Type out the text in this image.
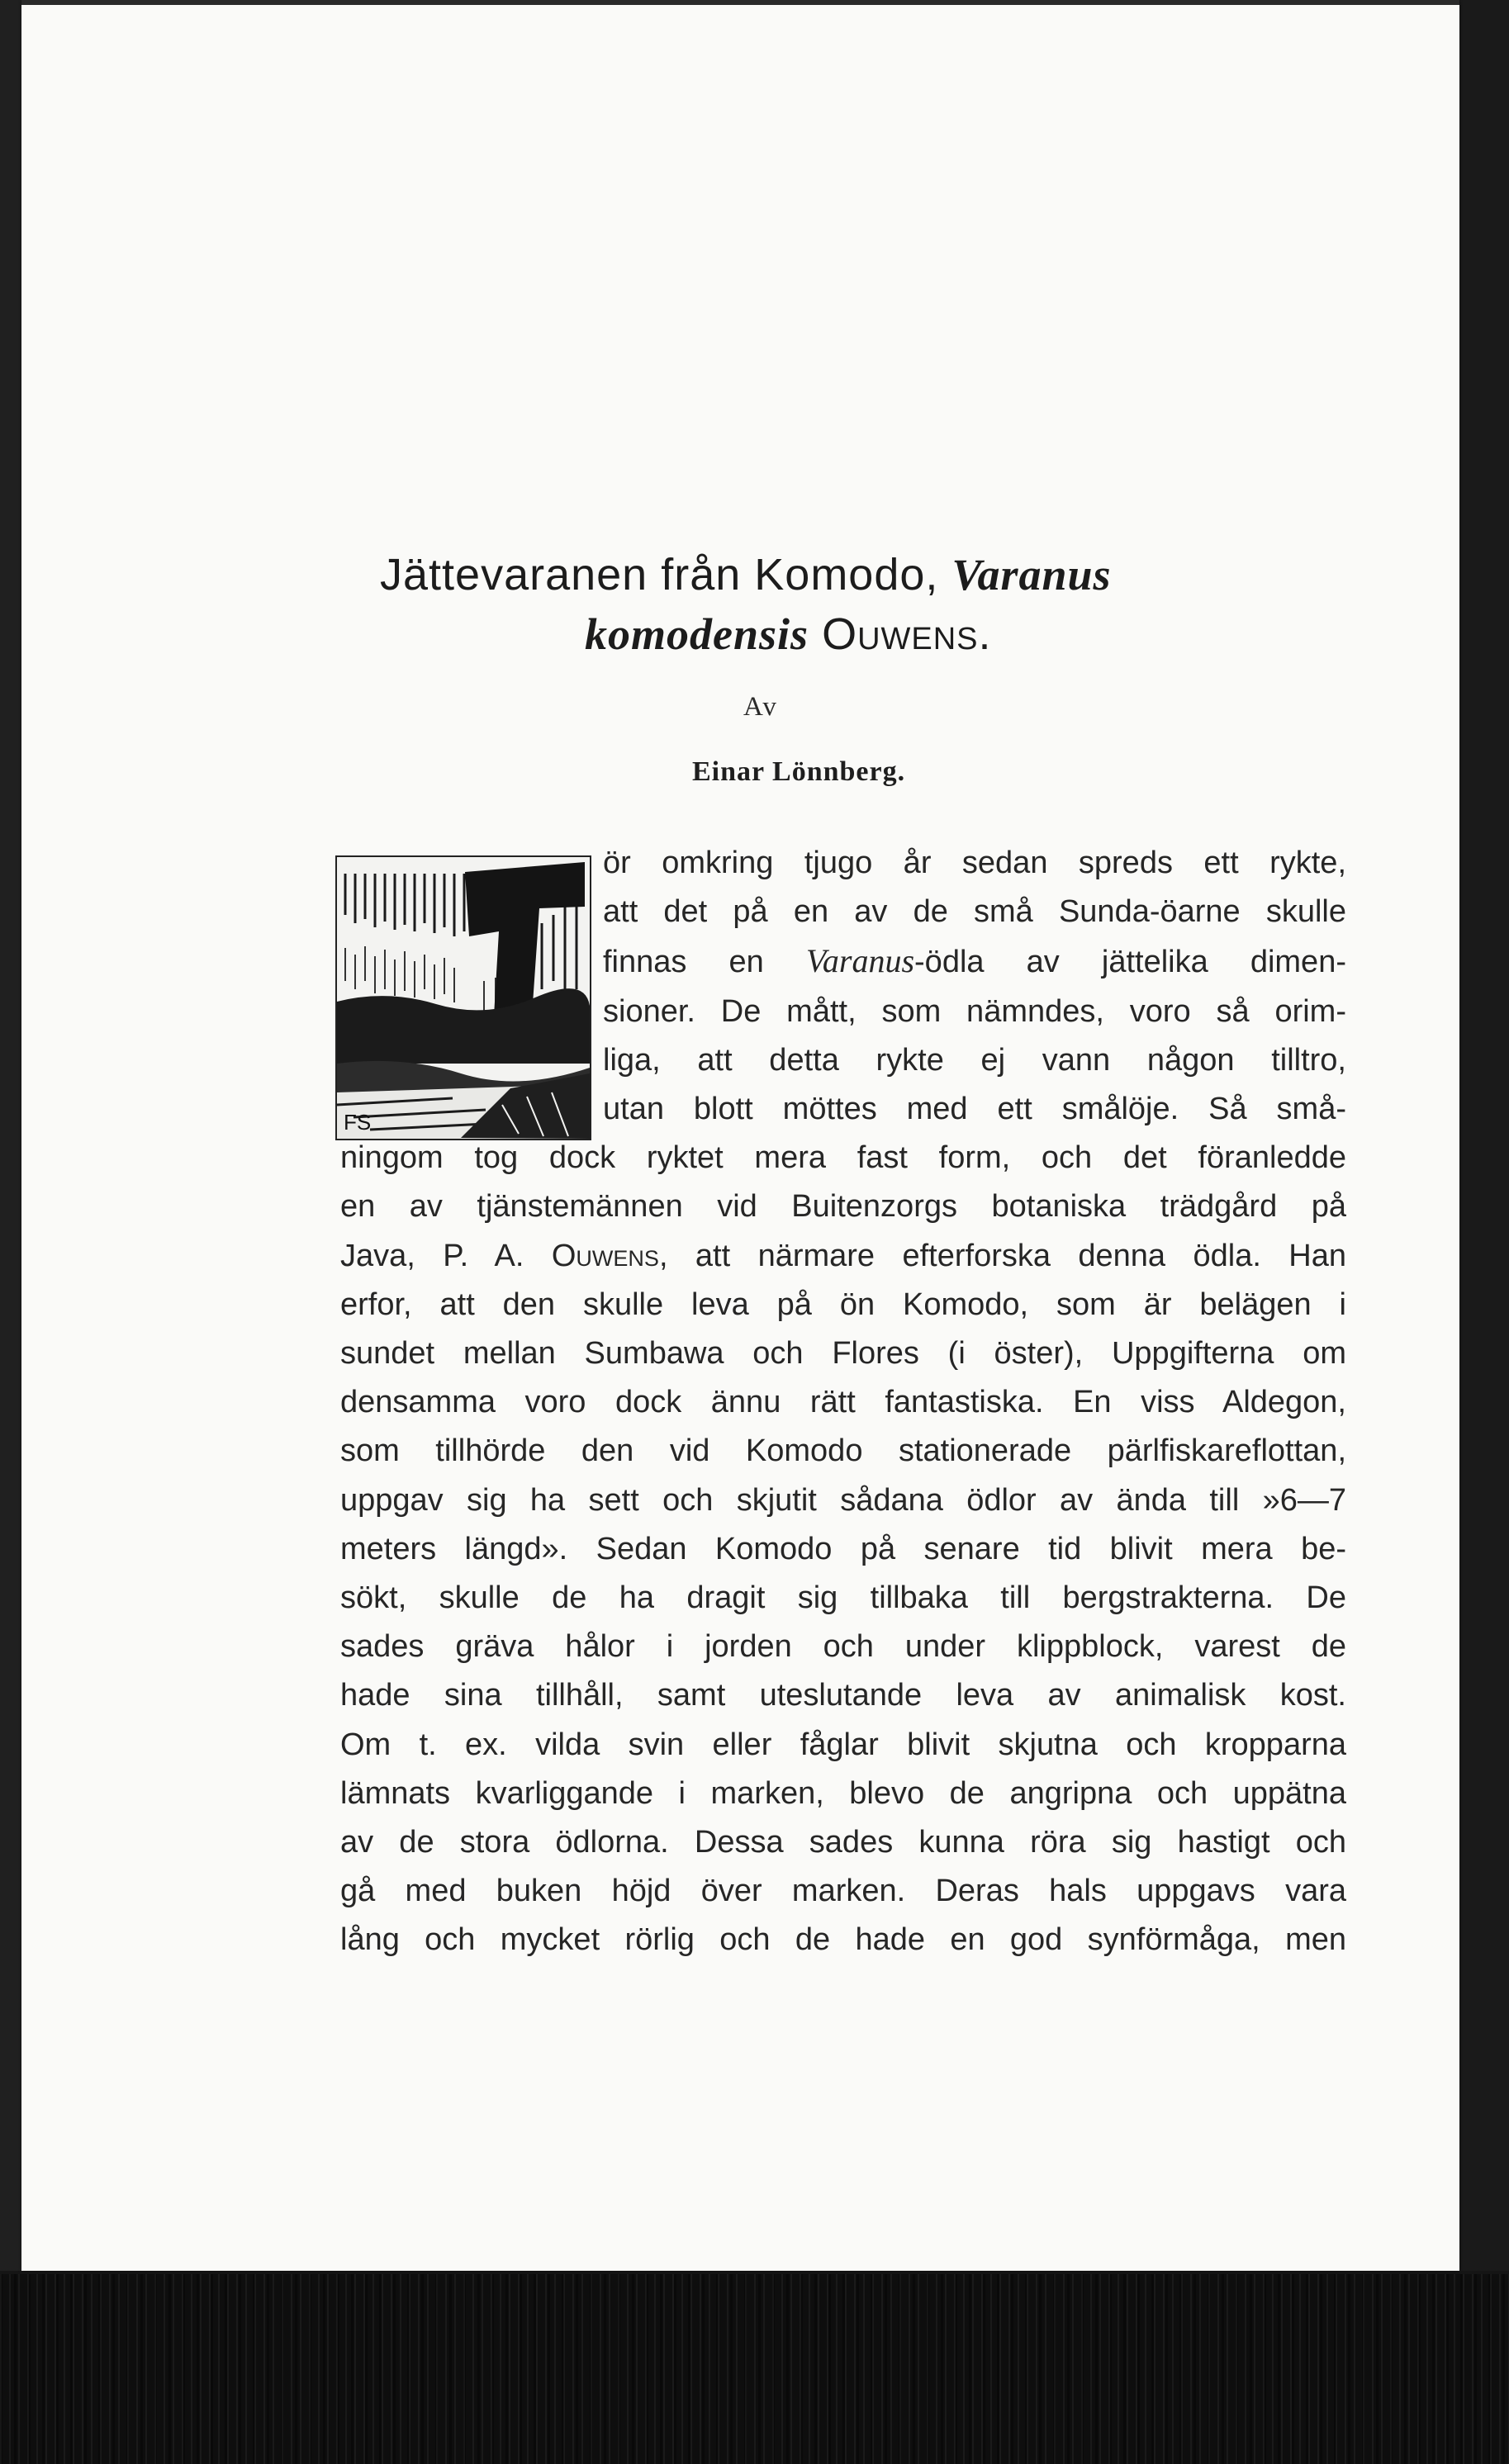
Jättevaranen från Komodo, Varanus
komodensis Ouwens.
Av
Einar Lönnberg.
FS
ör omkring tjugo år sedan spreds ett rykte,
att det på en av de små Sunda-öarne skulle
finnas en Varanus-ödla av jättelika dimen-
sioner. De mått, som nämndes, voro så orim-
liga, att detta rykte ej vann någon tilltro,
utan blott möttes med ett smålöje. Så små-
ningom tog dock ryktet mera fast form, och det föranledde
en av tjänstemännen vid Buitenzorgs botaniska trädgård på
Java, P. A. Ouwens, att närmare efterforska denna ödla. Han
erfor, att den skulle leva på ön Komodo, som är belägen i
sundet mellan Sumbawa och Flores (i öster), Uppgifterna om
densamma voro dock ännu rätt fantastiska. En viss Aldegon,
som tillhörde den vid Komodo stationerade pärlfiskareflottan,
uppgav sig ha sett och skjutit sådana ödlor av ända till »6—7
meters längd». Sedan Komodo på senare tid blivit mera be-
sökt, skulle de ha dragit sig tillbaka till bergstrakterna. De
sades gräva hålor i jorden och under klippblock, varest de
hade sina tillhåll, samt uteslutande leva av animalisk kost.
Om t. ex. vilda svin eller fåglar blivit skjutna och kropparna
lämnats kvarliggande i marken, blevo de angripna och uppätna
av de stora ödlorna. Dessa sades kunna röra sig hastigt och
gå med buken höjd över marken. Deras hals uppgavs vara
lång och mycket rörlig och de hade en god synförmåga, men
